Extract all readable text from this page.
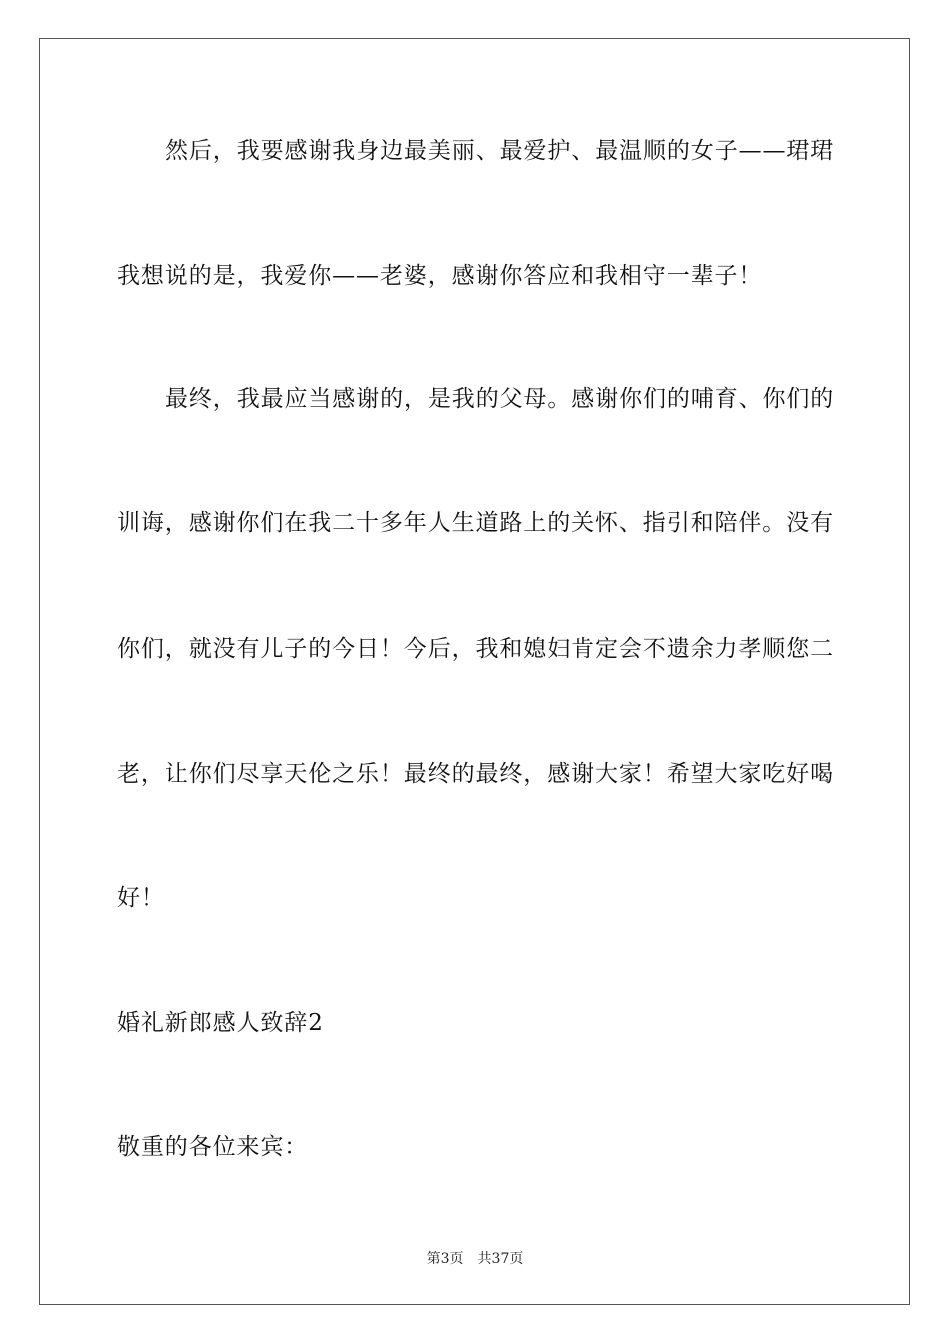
然后，我要感谢我身边最美丽、最爱护、最温顺的女子——珺珺
我想说的是，我爱你——老婆，感谢你答应和我相守一辈子！
最终，我最应当感谢的，是我的父母。感谢你们的哺育、你们的
训诲，感谢你们在我二十多年人生道路上的关怀、指引和陪伴。没有
你们，就没有儿子的今日！今后，我和媳妇肯定会不遗余力孝顺您二
老，让你们尽享天伦之乐！最终的最终，感谢大家！希望大家吃好喝
好！
婚礼新郎感人致辞2
敬重的各位来宾：
第3页 共37页
